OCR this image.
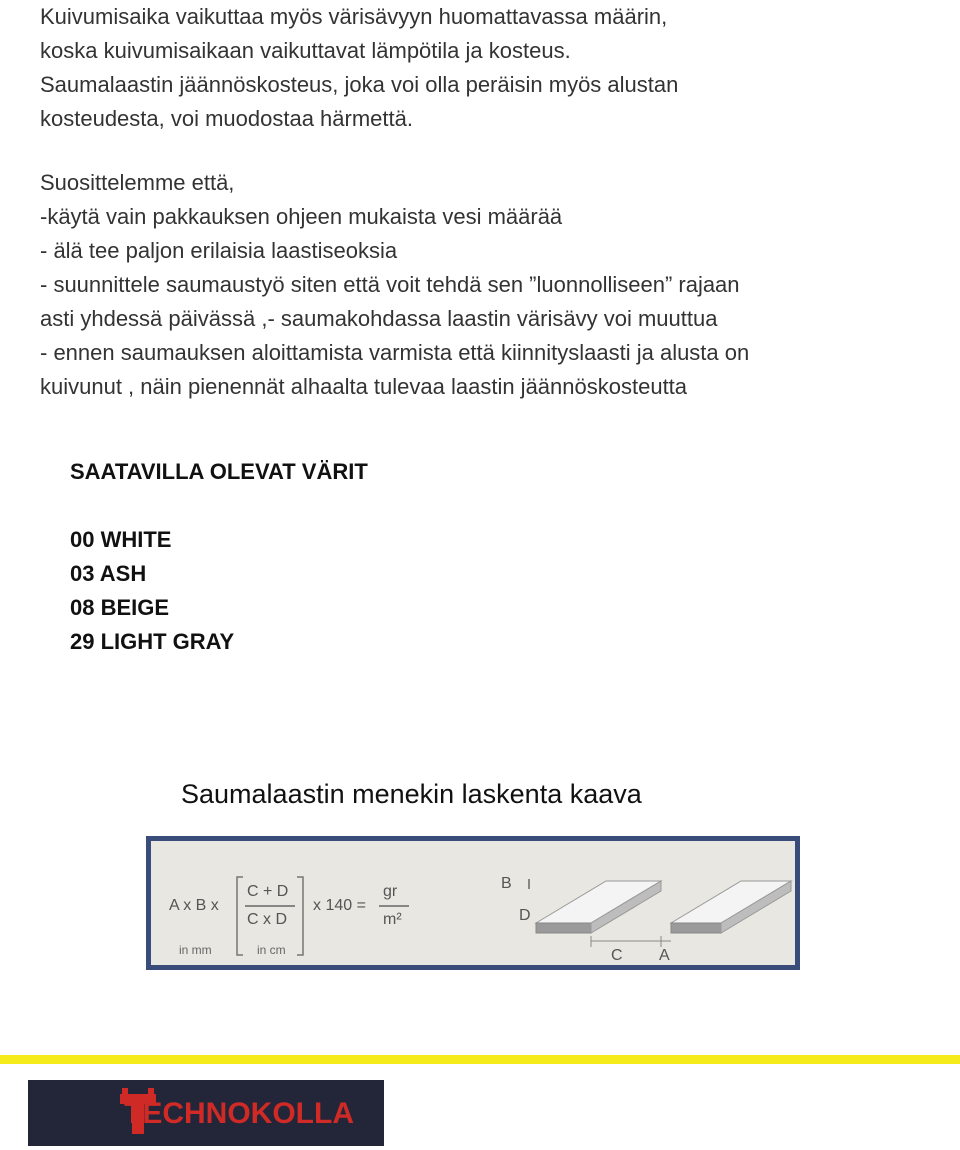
Kuivumisaika vaikuttaa myös värisävyyn huomattavassa määrin,
koska kuivumisaikaan vaikuttavat lämpötila ja kosteus.
Saumalaastin jäännöskosteus, joka voi olla peräisin myös alustan
kosteudesta, voi muodostaa härmettä.
Suosittelemme että,
-käytä vain pakkauksen ohjeen mukaista vesi määrää
- älä tee paljon erilaisia laastiseoksia
- suunnittele saumaustyö siten että voit tehdä sen ”luonnolliseen” rajaan
asti yhdessä päivässä ,- saumakohdassa laastin värisävy voi muuttua
- ennen saumauksen aloittamista varmista että kiinnityslaasti ja alusta on
kuivunut , näin pienennät alhaalta tulevaa laastin jäännöskosteutta
SAATAVILLA OLEVAT VÄRIT
00 WHITE
03 ASH
08 BEIGE
29 LIGHT GRAY
Saumalaastin menekin laskenta kaava
A x B x
C + D
C x D
x 140 =
gr
m²
in mm	in cm
B
D
C A
TECHNOKOLLA
